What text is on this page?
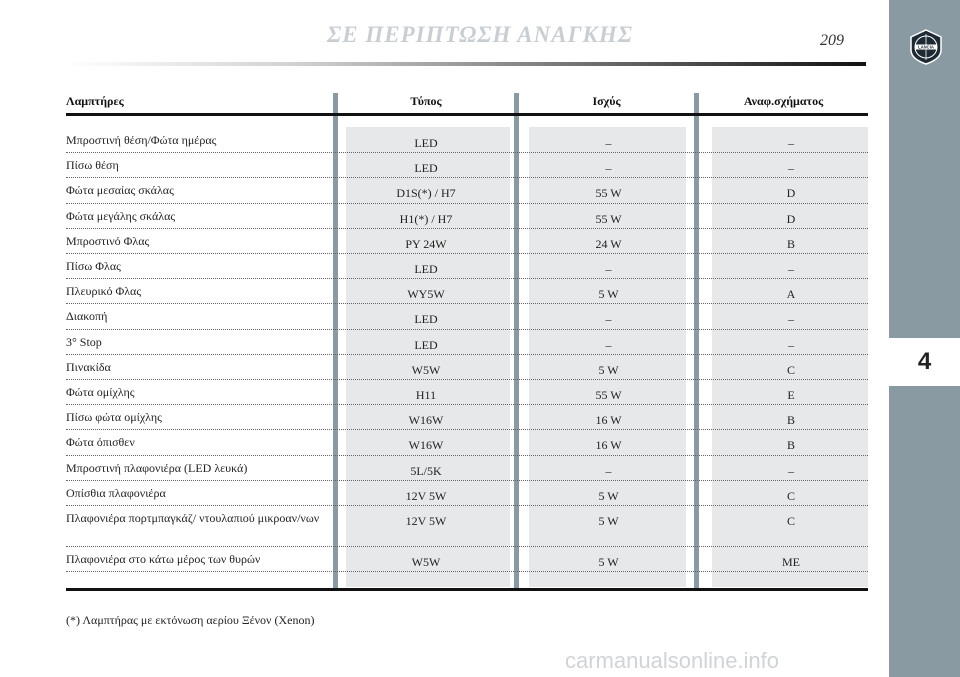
ΣΕ ΠΕΡΙΠΤΩΣΗ ΑΝΑΓΚΗΣ	209	LANCIA
4
Λαμπτήρες	Τύπος	Ισχύς	Αναφ.σχήματος
Μπροστινή θέση/Φώτα ημέρας	LED	–	–
Πίσω θέση	LED	–	–
Φώτα μεσαίας σκάλας	D1S(*) / H7	55 W	D
Φώτα μεγάλης σκάλας	H1(*) / H7	55 W	D
Μπροστινό Φλας	PY 24W	24 W	B
Πίσω Φλας	LED	–	–
Πλευρικό Φλας	WY5W	5 W	A
Διακοπή	LED	–	–
3° Stop	LED	–	–
Πινακίδα	W5W	5 W	C
Φώτα ομίχλης	H11	55 W	E
Πίσω φώτα ομίχλης	W16W	16 W	B
Φώτα όπισθεν	W16W	16 W	B
Μπροστινή πλαφονιέρα (LED λευκά)	5L/5K	–	–
Οπίσθια πλαφονιέρα	12V 5W	5 W	C
Πλαφονιέρα πορτμπαγκάζ/ ντουλαπιού μικροαν/νων	12V 5W	5 W	C
Πλαφονιέρα στο κάτω μέρος των θυρών	W5W	5 W	ME
(*) Λαμπτήρας με εκτόνωση αερίου Ξένον (Xenon)
carmanualsonline.info
